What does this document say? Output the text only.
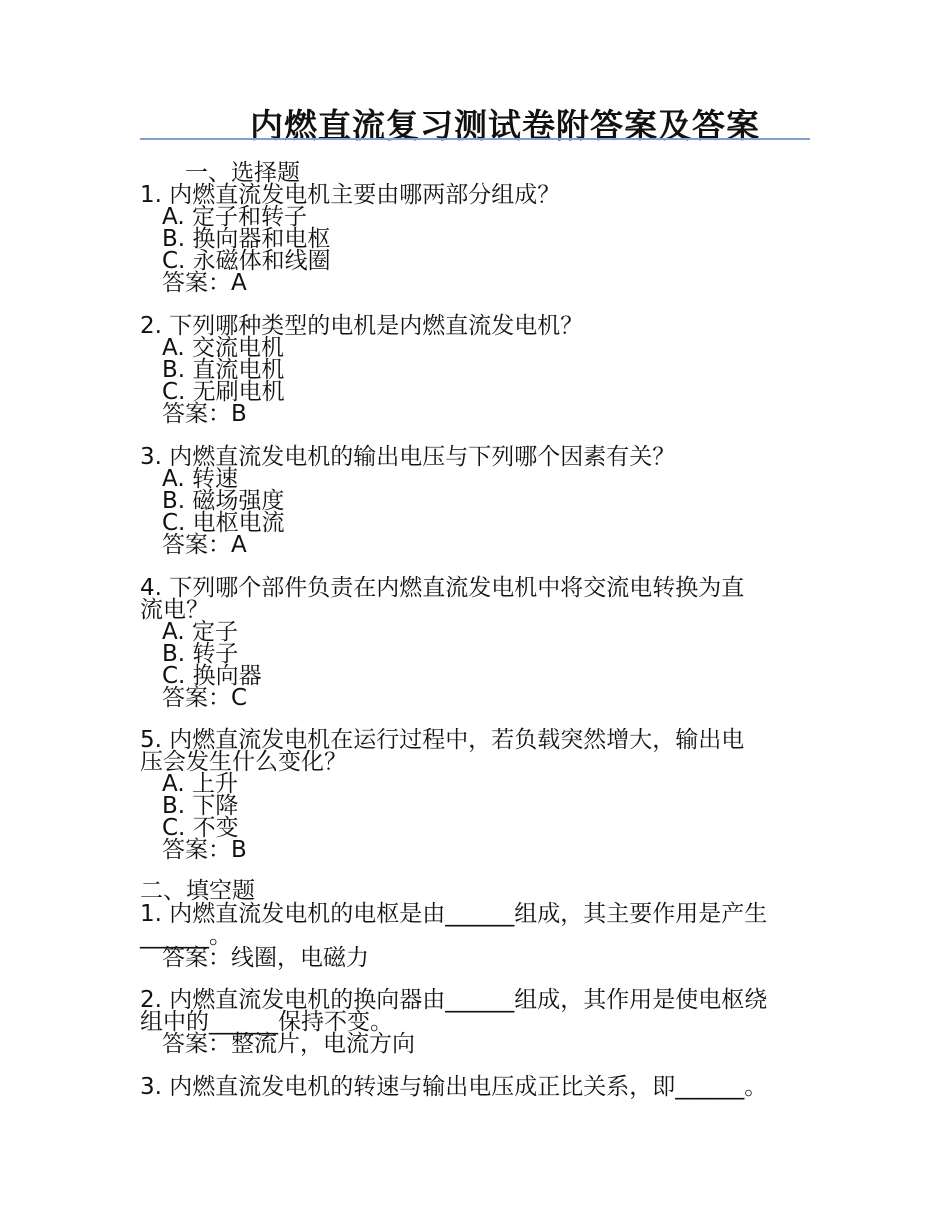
内燃直流复习测试卷附答案及答案
一、选择题
1. 内燃直流发电机主要由哪两部分组成？
A. 定子和转子
B. 换向器和电枢
C. 永磁体和线圈
答案：A
2. 下列哪种类型的电机是内燃直流发电机？
A. 交流电机
B. 直流电机
C. 无刷电机
答案：B
3. 内燃直流发电机的输出电压与下列哪个因素有关？
A. 转速
B. 磁场强度
C. 电枢电流
答案：A
4. 下列哪个部件负责在内燃直流发电机中将交流电转换为直
流电？
A. 定子
B. 转子
C. 换向器
答案：C
5. 内燃直流发电机在运行过程中，若负载突然增大，输出电
压会发生什么变化？
A. 上升
B. 下降
C. 不变
答案：B
二、填空题
1. 内燃直流发电机的电枢是由______组成，其主要作用是产生
______。
答案：线圈，电磁力
2. 内燃直流发电机的换向器由______组成，其作用是使电枢绕
组中的______保持不变。
答案：整流片，电流方向
3. 内燃直流发电机的转速与输出电压成正比关系，即______。
